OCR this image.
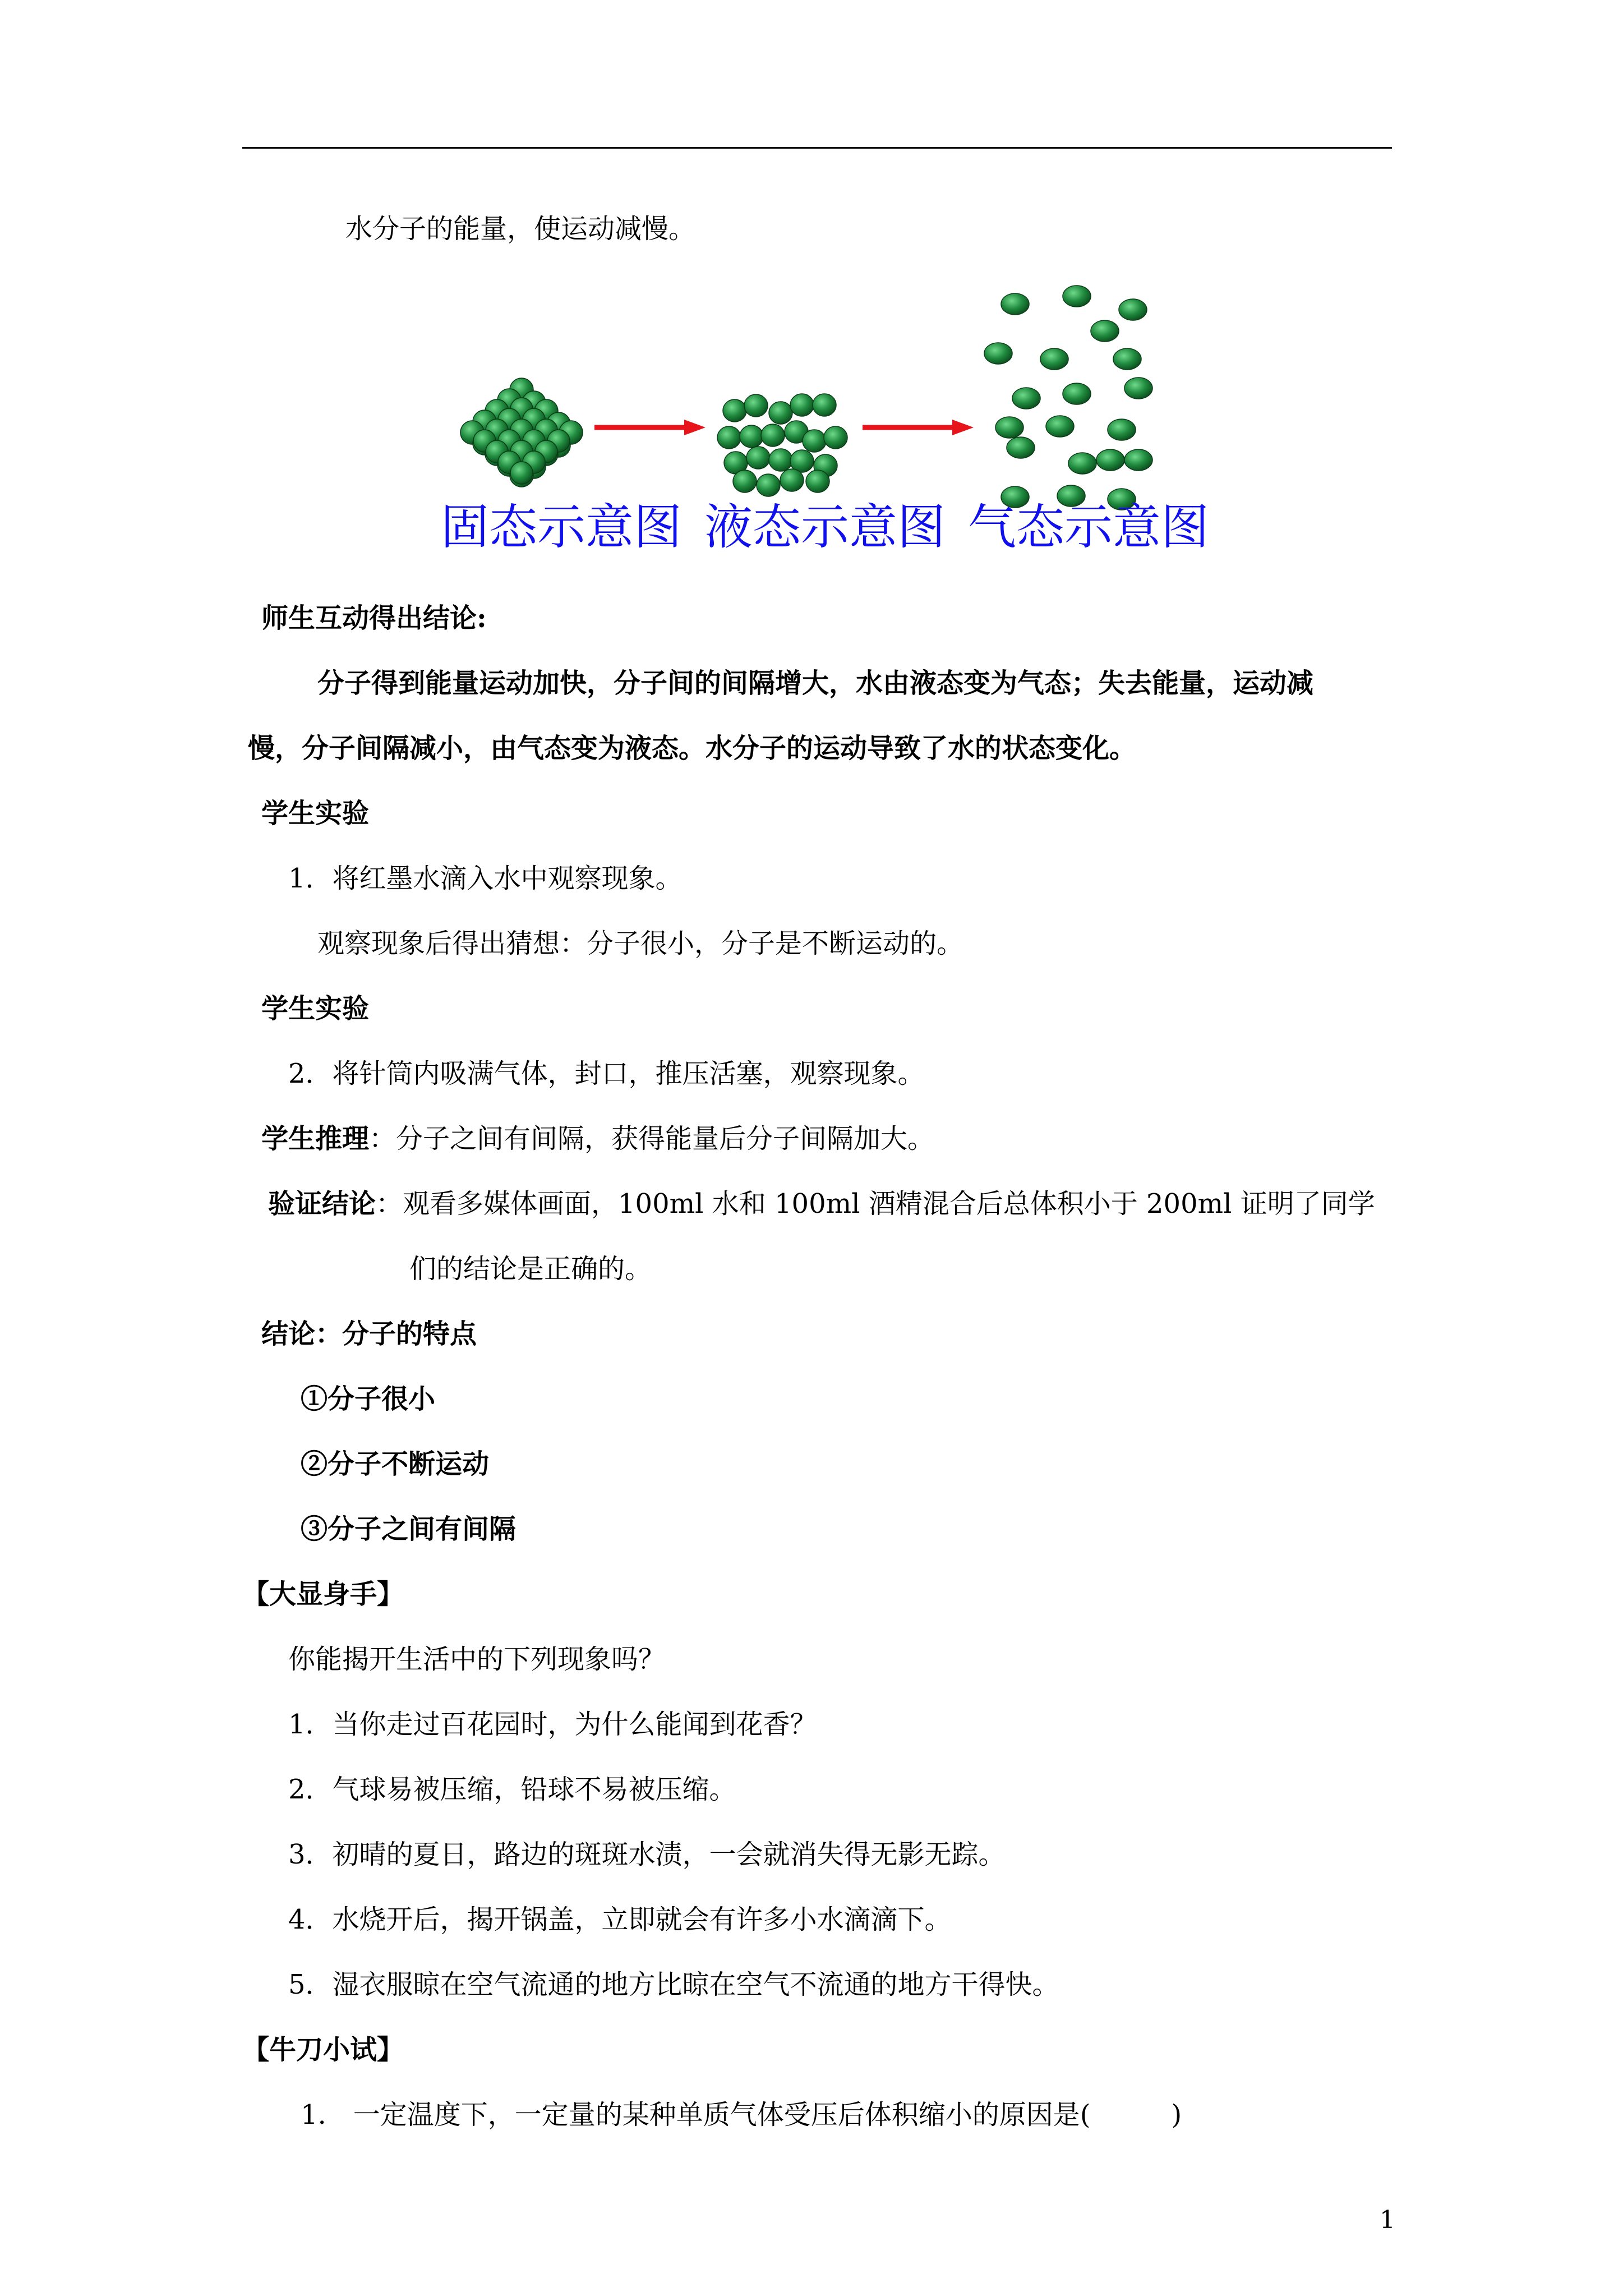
水分子的能量，使运动减慢。
固态示意图 液态示意图 气态示意图
师生互动得出结论:
分子得到能量运动加快，分子间的间隔增大，水由液态变为气态；失去能量，运动减
慢，分子间隔减小，由气态变为液态。水分子的运动导致了水的状态变化。
学生实验
1．将红墨水滴入水中观察现象。
观察现象后得出猜想：分子很小，分子是不断运动的。
学生实验
2．将针筒内吸满气体，封口，推压活塞，观察现象。
学生推理：分子之间有间隔，获得能量后分子间隔加大。
验证结论：观看多媒体画面，100ml 水和 100ml 酒精混合后总体积小于 200ml 证明了同学
们的结论是正确的。
结论：分子的特点
①分子很小
②分子不断运动
③分子之间有间隔
【大显身手】
你能揭开生活中的下列现象吗？
1．当你走过百花园时，为什么能闻到花香？
2．气球易被压缩，铅球不易被压缩。
3．初晴的夏日，路边的斑斑水渍，一会就消失得无影无踪。
4．水烧开后，揭开锅盖，立即就会有许多小水滴滴下。
5．湿衣服晾在空气流通的地方比晾在空气不流通的地方干得快。
【牛刀小试】
1.　一定温度下，一定量的某种单质气体受压后体积缩小的原因是(　　　)
1
